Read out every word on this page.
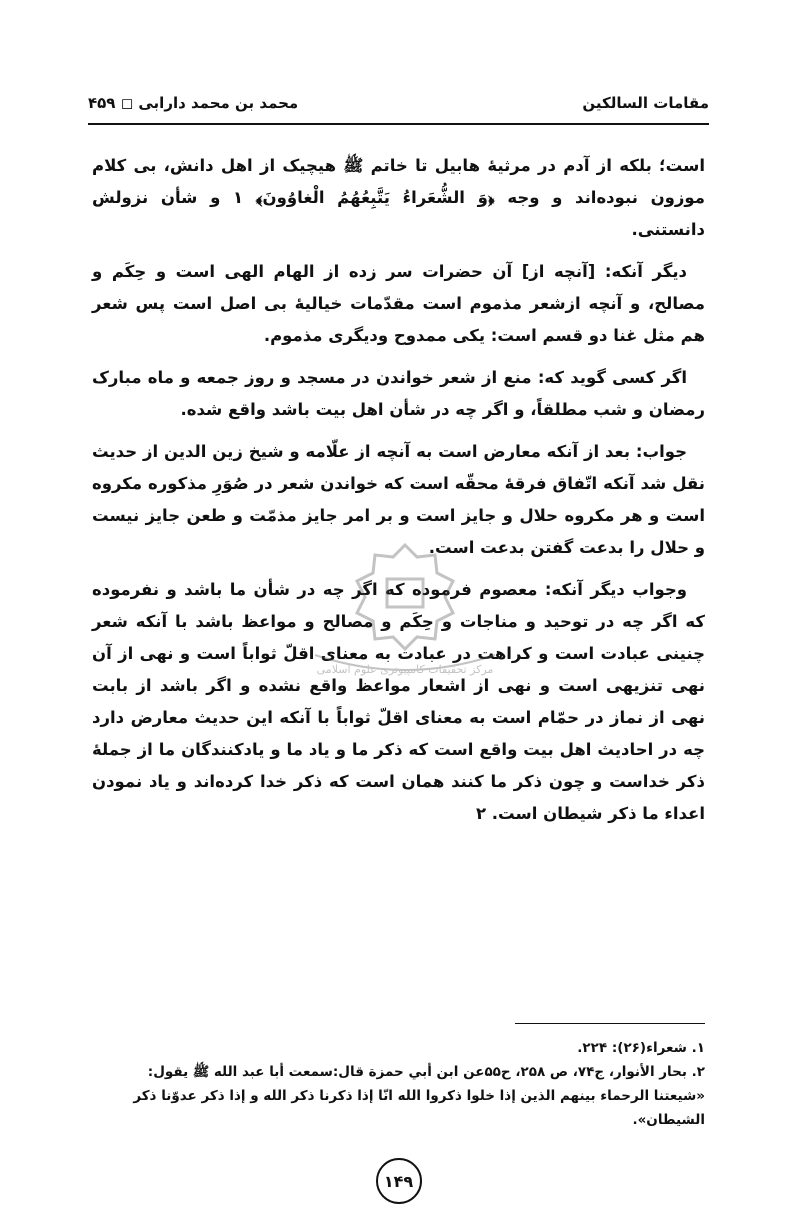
محمد بن محمد دارابی ◻ ۴۵۹	مقامات السالكين

است؛ بلکه از آدم در مرثیهٔ هابیل تا خاتم ﷺ هیچیک از اهل دانش، بی کلام موزون نبوده‌اند و وجه ﴿وَ الشُّعَراءُ يَتَّبِعُهُمُ الْغاوُونَ﴾ ۱ و شأن نزولش دانستنی.

دیگر آنکه: [آنچه از] آن حضرات سر زده از الهام الهی است و حِکَم و مصالح، و آنچه ازشعر مذموم است مقدّمات خیالیهٔ بی اصل است پس شعر هم مثل غنا دو قسم است: یکی ممدوح ودیگری مذموم.

اگر کسی گوید که: منع از شعر خواندن در مسجد و روز جمعه و ماه مبارک رمضان و شب مطلقاً، و اگر چه در شأن اهل بیت باشد واقع شده.

جواب: بعد از آنکه معارض است به آنچه از علّامه و شیخ زین الدین از حدیث نقل شد آنکه اتّفاق فرقهٔ محقّه است که خواندن شعر در صُوَرِ مذکوره مکروه است و هر مکروه حلال و جایز است و بر امر جایز مذمّت و طعن جایز نیست و حلال را بدعت گفتن بدعت است.

وجواب دیگر آنکه: معصوم فرموده که اگر چه در شأن ما باشد و نفرموده که اگر چه در توحید و مناجات و حِکَم و مصالح و مواعظ باشد با آنکه شعر چنینی عبادت است و کراهت در عبادت به معنای اقلّ ثواباً است و نهی از آن نهی تنزیهی است و نهی از اشعار مواعظ واقع نشده و اگر باشد از بابت نهی از نماز در حمّام است به معنای اقلّ ثواباً با آنکه این حدیث معارض دارد چه در احادیث اهل بیت واقع است که ذکر ما و یاد ما و یادکنندگان ما از جملهٔ ذکر خداست و چون ذکر ما کنند همان است که ذکر خدا کرده‌اند و یاد نمودن اعداء ما ذکر شیطان است. ۲

مرکز تحقیقات کامپیوتری علوم اسلامی
۱. شعراء(۲۶): ۲۲۴.
۲. بحار الأنوار، ج۷۴، ص ۲۵۸، ح۵۵عن ابن أبي حمزة قال:سمعت أبا عبد الله ﷺ يقول: «شيعتنا الرحماء بينهم الذين إذا خلوا ذكروا الله انّا إذا ذكرنا ذكر الله و إذا ذكر عدوّنا ذكر الشيطان».
۱۴۹
